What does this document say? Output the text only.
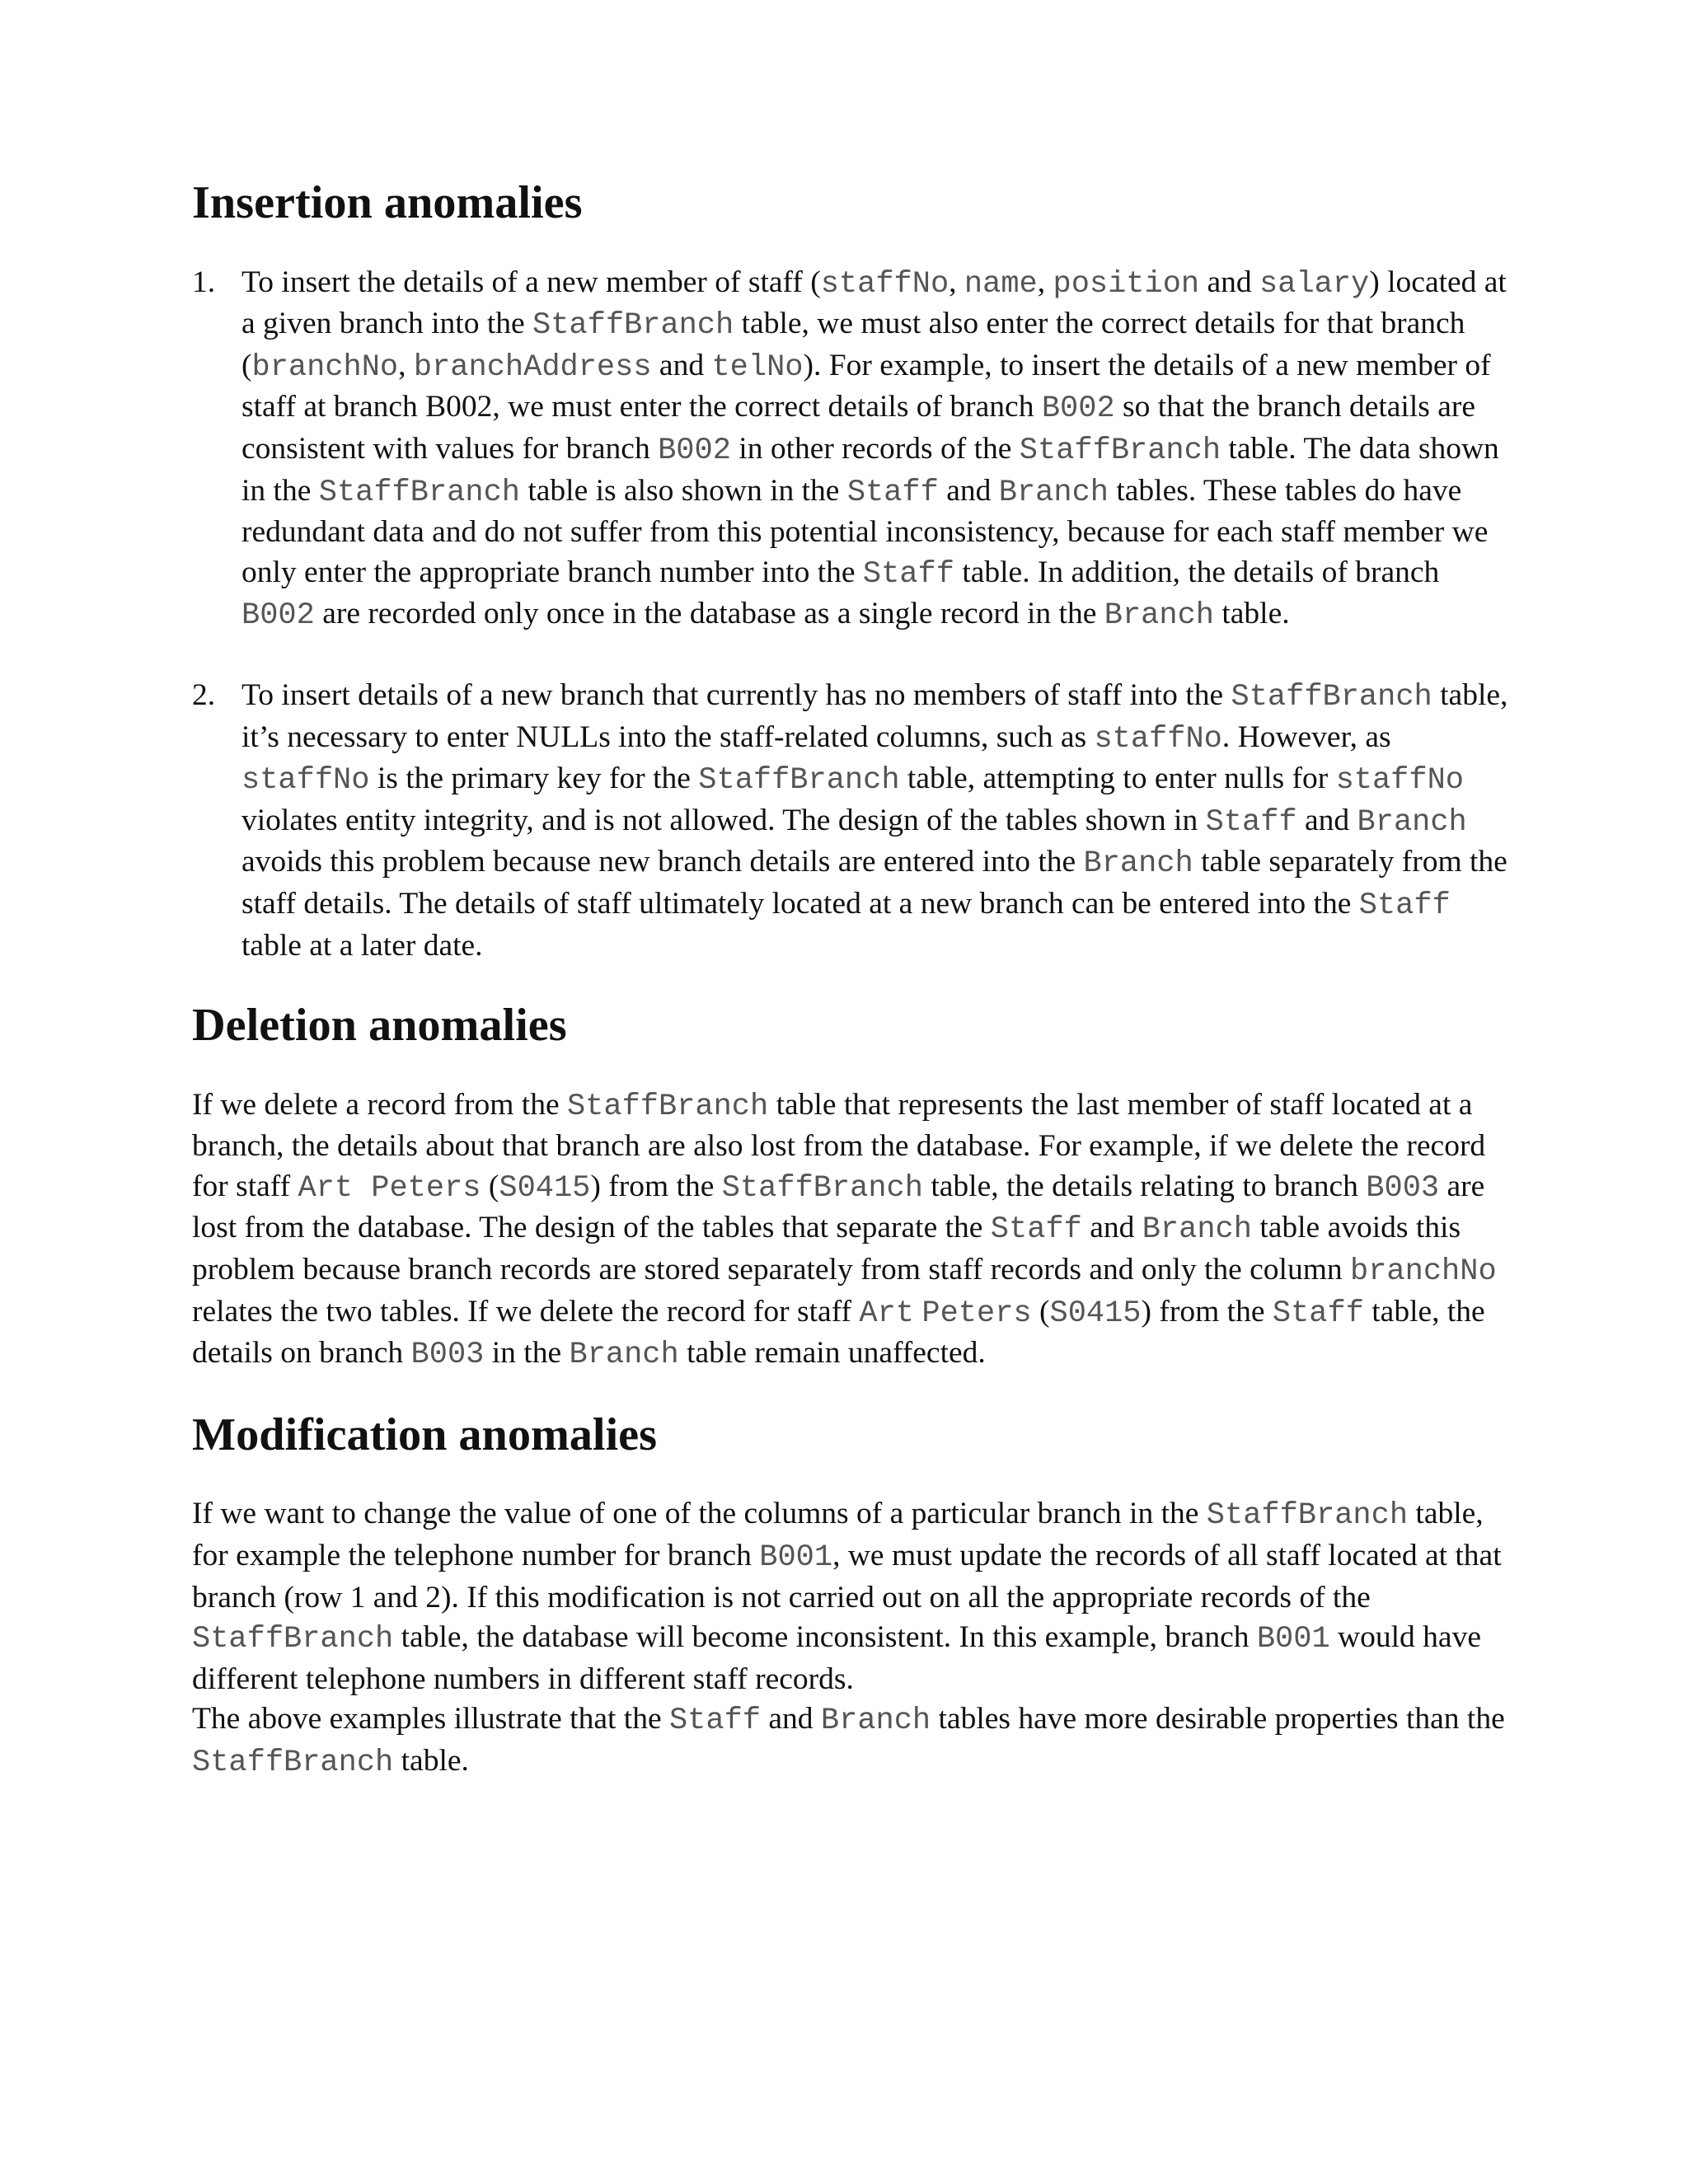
Insertion anomalies
1. To insert the details of a new member of staff (staffNo, name, position and salary) located at a given branch into the StaffBranch table, we must also enter the correct details for that branch (branchNo, branchAddress and telNo). For example, to insert the details of a new member of staff at branch B002, we must enter the correct details of branch B002 so that the branch details are consistent with values for branch B002 in other records of the StaffBranch table. The data shown in the StaffBranch table is also shown in the Staff and Branch tables. These tables do have redundant data and do not suffer from this potential inconsistency, because for each staff member we only enter the appropriate branch number into the Staff table. In addition, the details of branch B002 are recorded only once in the database as a single record in the Branch table.

2. To insert details of a new branch that currently has no members of staff into the StaffBranch table, it’s necessary to enter NULLs into the staff-related columns, such as staffNo. However, as staffNo is the primary key for the StaffBranch table, attempting to enter nulls for staffNo violates entity integrity, and is not allowed. The design of the tables shown in Staff and Branch avoids this problem because new branch details are entered into the Branch table separately from the staff details. The details of staff ultimately located at a new branch can be entered into the Staff table at a later date.

Deletion anomalies

If we delete a record from the StaffBranch table that represents the last member of staff located at a branch, the details about that branch are also lost from the database. For example, if we delete the record for staff Art Peters (S0415) from the StaffBranch table, the details relating to branch B003 are lost from the database. The design of the tables that separate the Staff and Branch table avoids this problem because branch records are stored separately from staff records and only the column branchNo relates the two tables. If we delete the record for staff Art Peters (S0415) from the Staff table, the details on branch B003 in the Branch table remain unaffected.

Modification anomalies

If we want to change the value of one of the columns of a particular branch in the StaffBranch table, for example the telephone number for branch B001, we must update the records of all staff located at that branch (row 1 and 2). If this modification is not carried out on all the appropriate records of the StaffBranch table, the database will become inconsistent. In this example, branch B001 would have different telephone numbers in different staff records.

The above examples illustrate that the Staff and Branch tables have more desirable properties than the StaffBranch table.
